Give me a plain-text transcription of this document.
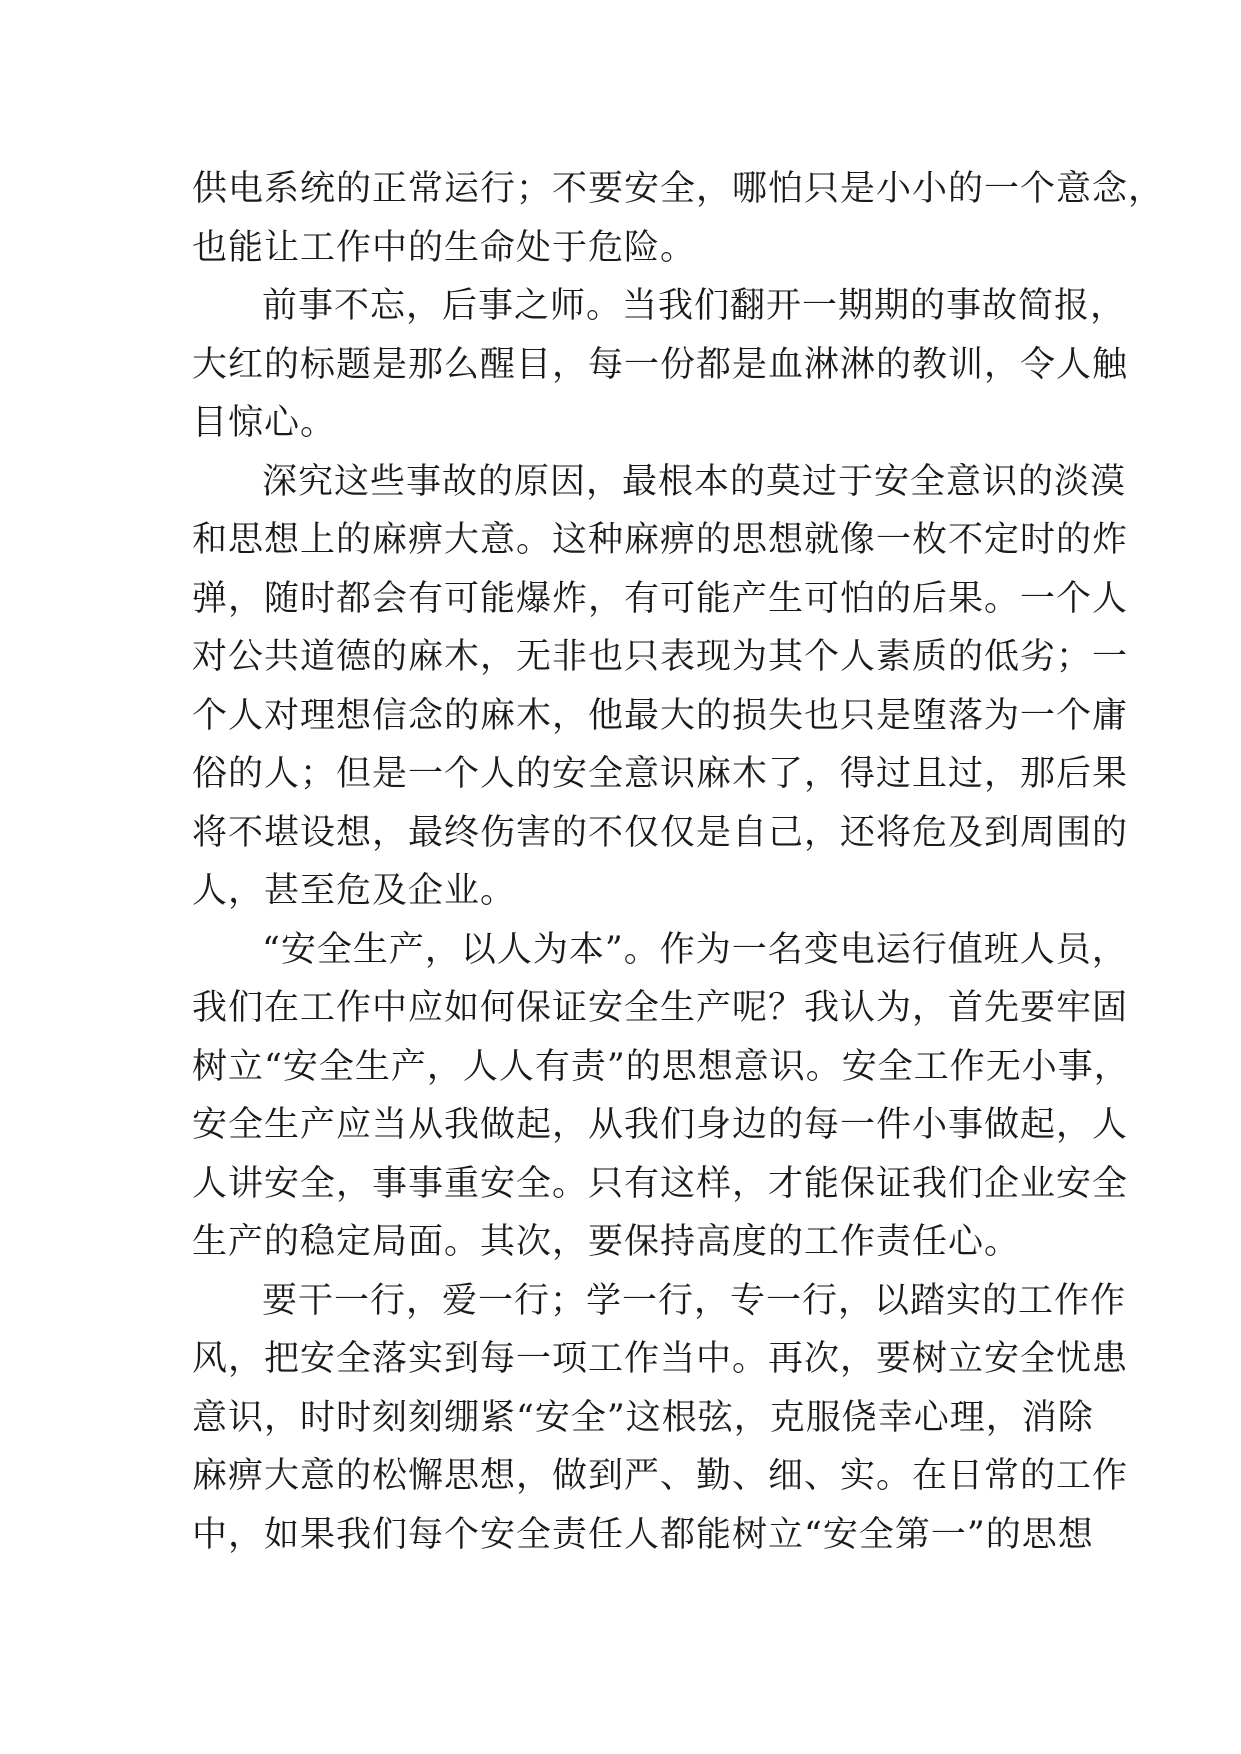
供电系统的正常运行；不要安全，哪怕只是小小的一个意念，
也能让工作中的生命处于危险。
前事不忘，后事之师。当我们翻开一期期的事故简报，
大红的标题是那么醒目，每一份都是血淋淋的教训，令人触
目惊心。
深究这些事故的原因，最根本的莫过于安全意识的淡漠
和思想上的麻痹大意。这种麻痹的思想就像一枚不定时的炸
弹，随时都会有可能爆炸，有可能产生可怕的后果。一个人
对公共道德的麻木，无非也只表现为其个人素质的低劣；一
个人对理想信念的麻木，他最大的损失也只是堕落为一个庸
俗的人；但是一个人的安全意识麻木了，得过且过，那后果
将不堪设想，最终伤害的不仅仅是自己，还将危及到周围的
人，甚至危及企业。
“安全生产，以人为本”。作为一名变电运行值班人员，
我们在工作中应如何保证安全生产呢？我认为，首先要牢固
树立“安全生产，人人有责”的思想意识。安全工作无小事，
安全生产应当从我做起，从我们身边的每一件小事做起，人
人讲安全，事事重安全。只有这样，才能保证我们企业安全
生产的稳定局面。其次，要保持高度的工作责任心。
要干一行，爱一行；学一行，专一行，以踏实的工作作
风，把安全落实到每一项工作当中。再次，要树立安全忧患
意识，时时刻刻绷紧“安全”这根弦，克服侥幸心理，消除
麻痹大意的松懈思想，做到严、勤、细、实。在日常的工作
中，如果我们每个安全责任人都能树立“安全第一”的思想
